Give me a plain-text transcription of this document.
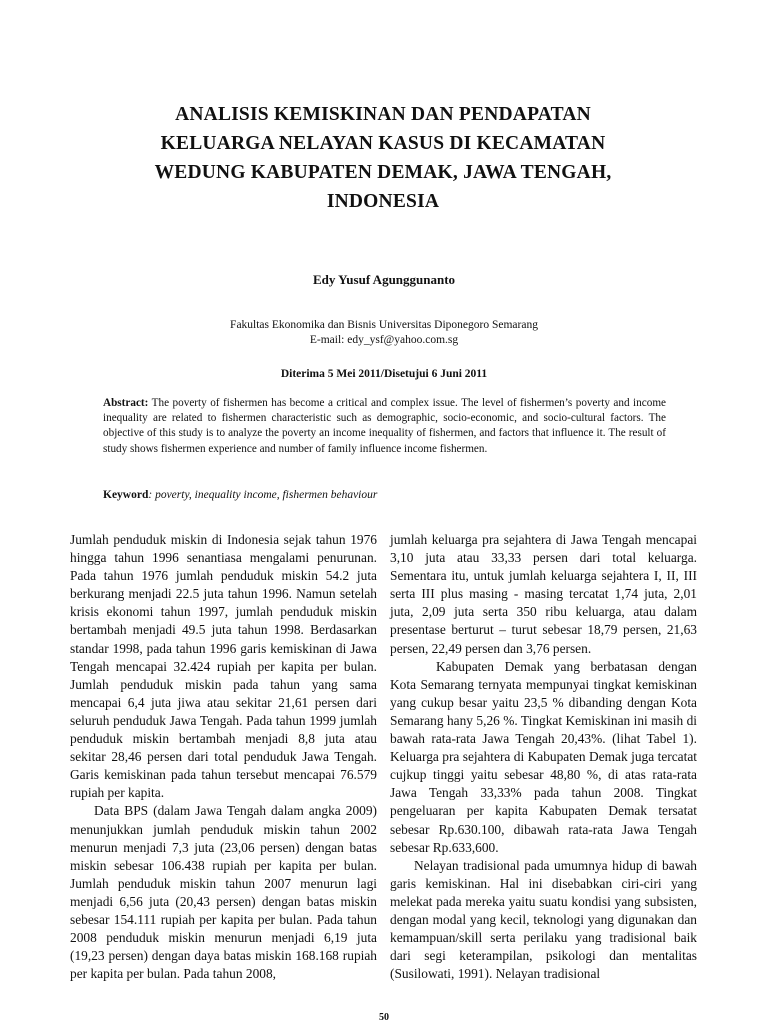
ANALISIS KEMISKINAN DAN PENDAPATAN
KELUARGA NELAYAN KASUS DI KECAMATAN
WEDUNG KABUPATEN DEMAK, JAWA TENGAH,
INDONESIA
Edy Yusuf Agunggunanto
Fakultas Ekonomika dan Bisnis Universitas Diponegoro Semarang
E-mail: edy_ysf@yahoo.com.sg
Diterima 5 Mei 2011/Disetujui 6 Juni 2011
Abstract: The poverty of fishermen has become a critical and complex issue. The level of fishermen’s poverty and income inequality are related to fishermen characteristic such as demographic, socio-economic, and socio-cultural factors. The objective of this study is to analyze the poverty an income inequality of fishermen, and factors that influence it. The result of study shows fishermen experience and number of family influence income fishermen.
Keyword: poverty, inequality income, fishermen behaviour

Jumlah penduduk miskin di Indonesia sejak tahun 1976 hingga tahun 1996 senantiasa mengalami penurunan. Pada tahun 1976 jumlah penduduk miskin 54.2 juta berkurang menjadi 22.5 juta tahun 1996. Namun setelah krisis ekonomi tahun 1997, jumlah penduduk miskin bertambah menjadi 49.5 juta tahun 1998. Berdasarkan standar 1998, pada tahun 1996 garis kemiskinan di Jawa Tengah mencapai 32.424 rupiah per kapita per bulan. Jumlah penduduk miskin pada tahun yang sama mencapai 6,4 juta jiwa atau sekitar 21,61 persen dari seluruh penduduk Jawa Tengah. Pada tahun 1999 jumlah penduduk miskin bertambah menjadi 8,8 juta atau sekitar 28,46 persen dari total penduduk Jawa Tengah. Garis kemiskinan pada tahun tersebut mencapai 76.579 rupiah per kapita.

Data BPS (dalam Jawa Tengah dalam angka 2009) menunjukkan jumlah penduduk miskin tahun 2002 menurun menjadi 7,3 juta (23,06 persen) dengan batas miskin sebesar 106.438 rupiah per kapita per bulan. Jumlah penduduk miskin tahun 2007 menurun lagi menjadi 6,56 juta (20,43 persen) dengan batas miskin sebesar 154.111 rupiah per kapita per bulan. Pada tahun 2008 penduduk miskin menurun menjadi 6,19 juta (19,23 persen) dengan daya batas miskin 168.168 rupiah per kapita per bulan. Pada tahun 2008,

jumlah keluarga pra sejahtera di Jawa Tengah mencapai 3,10 juta atau 33,33 persen dari total keluarga. Sementara itu, untuk jumlah keluarga sejahtera I, II, III serta III plus masing - masing tercatat 1,74 juta, 2,01 juta, 2,09 juta serta 350 ribu keluarga, atau dalam presentase berturut – turut sebesar 18,79 persen, 21,63 persen, 22,49 persen dan 3,76 persen.

Kabupaten Demak yang berbatasan dengan Kota Semarang ternyata mempunyai tingkat kemiskinan yang cukup besar yaitu 23,5 % dibanding dengan Kota Semarang hany 5,26 %. Tingkat Kemiskinan ini masih di bawah rata-rata Jawa Tengah 20,43%. (lihat Tabel 1). Keluarga pra sejahtera di Kabupaten Demak juga tercatat cujkup tinggi yaitu sebesar 48,80 %, di atas rata-rata Jawa Tengah 33,33% pada tahun 2008. Tingkat pengeluaran per kapita Kabupaten Demak tersatat sebesar Rp.630.100, dibawah rata-rata Jawa Tengah sebesar Rp.633,600.

Nelayan tradisional pada umumnya hidup di bawah garis kemiskinan. Hal ini disebabkan ciri-ciri yang melekat pada mereka yaitu suatu kondisi yang subsisten, dengan modal yang kecil, teknologi yang digunakan dan kemampuan/skill serta perilaku yang tradisional baik dari segi keterampilan, psikologi dan mentalitas (Susilowati, 1991). Nelayan tradisional

50
